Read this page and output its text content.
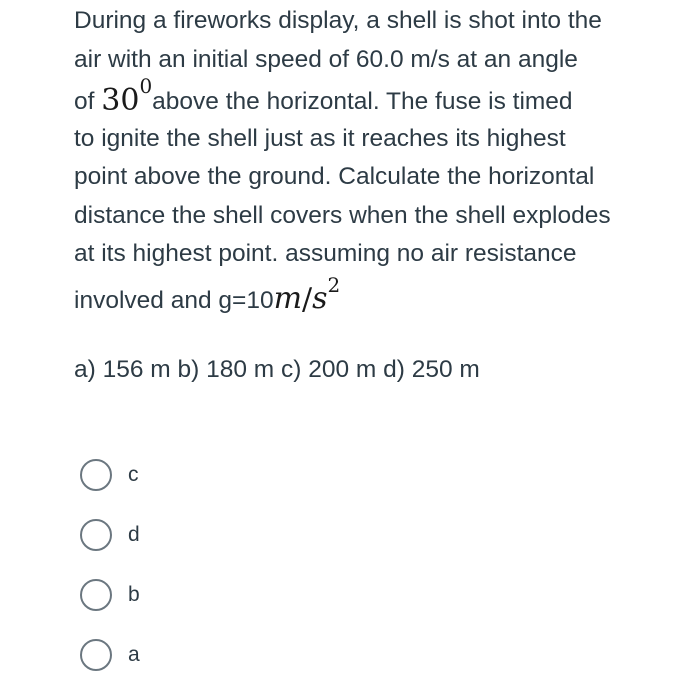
During a fireworks display, a shell is shot into the
air with an initial speed of 60.0 m/s at an angle
of $30^0above$ the horizontal. The fuse is timed
to ignite the shell just as it reaches its highest
point above the ground. Calculate the horizontal
distance the shell covers when the shell explodes
at its highest point. assuming no air resistance
involved and $g=10m/s^2$
a) 156 m b) 180 m c) 200 m d) 250 m
c
d
b
a
